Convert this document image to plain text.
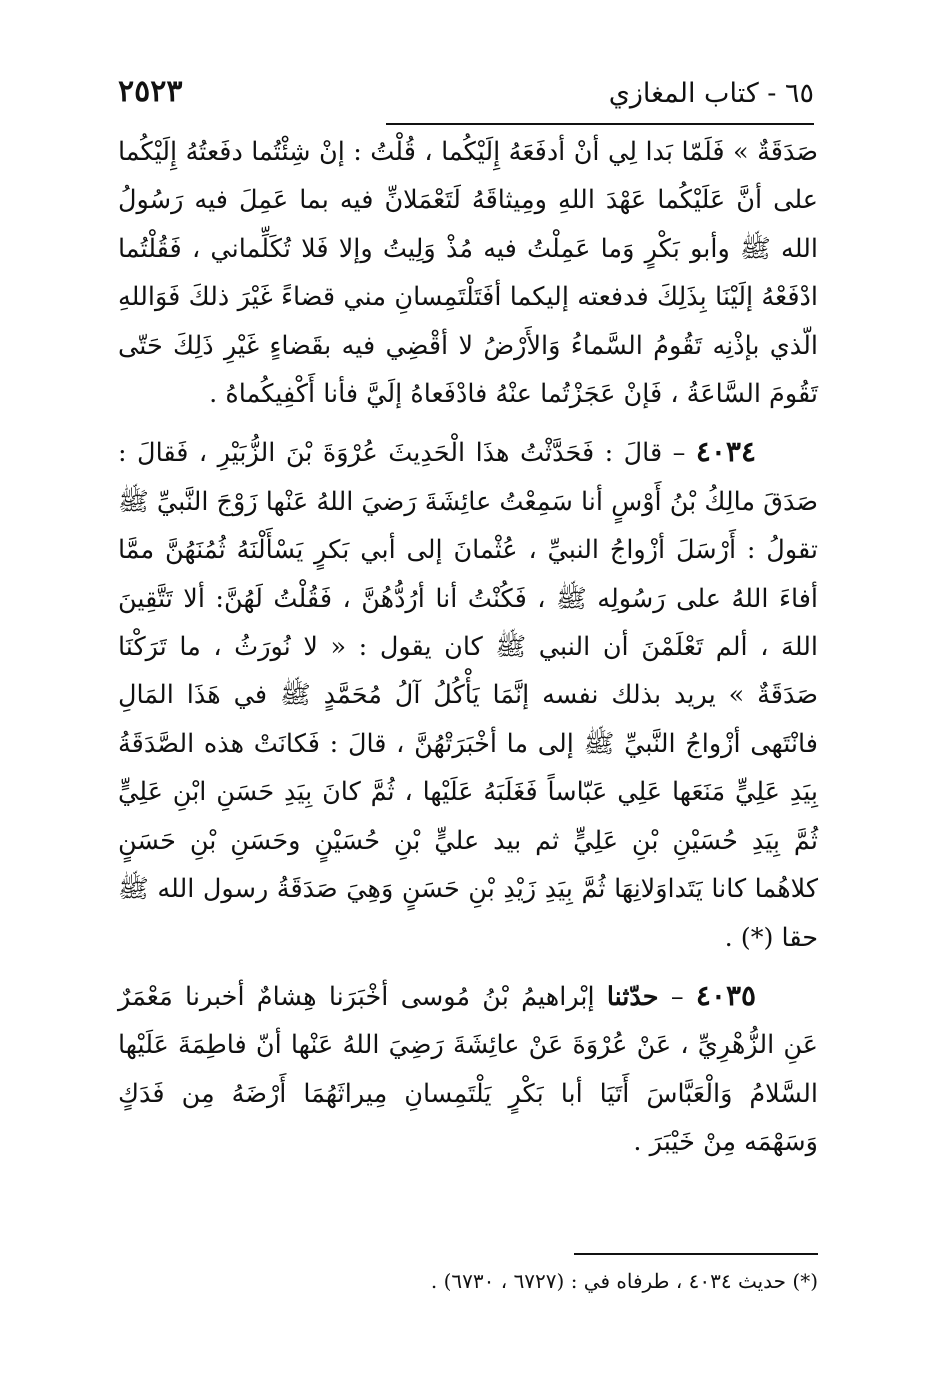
٢٥٢٣	٦٥ - كتاب المغازي

صَدَقَةٌ » فَلَمّا بَدا لِي أنْ أدفَعَهُ إِلَيْكُما ، قُلْتُ : إنْ شِئْتُما دفَعتُهُ إِلَيْكُما على أنَّ عَلَيْكُما عَهْدَ اللهِ ومِيثاقَهُ لَتَعْمَلانِّ فيه بما عَمِلَ فيه رَسُولُ الله ﷺ وأبو بَكْرٍ وَما عَمِلْتُ فيه مُذْ وَلِيتُ وإلا فَلا تُكَلِّماني ، فَقُلْتُما ادْفَعْهُ إلَيْنَا بِذَلِكَ فدفعته إليكما أفَتَلْتَمِسانِ مني قضاءً غَيْرَ ذلكَ فَوَاللهِ الّذي بإذْنِه تَقُومُ السَّماءُ وَالأَرْضُ لا أقْضِي فيه بقَضاءٍ غَيْرِ ذَلِكَ حَتّى تَقُومَ السَّاعَةُ ، فَإنْ عَجَزْتُما عنْهُ فادْفَعاهُ إلَيَّ فأنا أَكْفِيكُماهُ .

٤٠٣٤ – قالَ : فَحَدَّثْتُ هذَا الْحَدِيثَ عُرْوَةَ بْنَ الزُّبَيْرِ ، فَقالَ : صَدَقَ مالِكُ بْنُ أَوْسٍ أنا سَمِعْتُ عائِشَةَ رَضيَ اللهُ عَنْها زَوْجَ النَّبيِّ ﷺ تقولُ : أَرْسَلَ أزْواجُ النبيِّ ، عُثْمانَ إلى أبي بَكرٍ يَسْأَلْنَهُ ثُمُنَهُنَّ ممَّا أفاءَ اللهُ على رَسُولِه ﷺ ، فَكُنْتُ أنا أرُدُّهُنَّ ، فَقُلْتُ لَهُنَّ: ألا تَتَّقِينَ اللهَ ، ألم تَعْلَمْنَ أن النبي ﷺ كان يقول : « لا نُورَثُ ، ما تَرَكْنَا صَدَقَةٌ » يريد بذلك نفسه إنَّمَا يَأْكُلُ آلُ مُحَمَّدٍ ﷺ في هَذَا المَالِ فانْتَهى أزْواجُ النَّبيِّ ﷺ إلى ما أخْبَرَتْهُنَّ ، قالَ : فَكانَتْ هذه الصَّدَقَةُ بِيَدِ عَلِيٍّ مَنَعَها عَلِي عَبّاساً فَغَلَبَهُ عَلَيْها ، ثُمَّ كانَ بِيَدِ حَسَنِ ابْنِ عَلِيٍّ ثُمَّ بِيَدِ حُسَيْنِ بْنِ عَلِيٍّ ثم بيد عليٍّ بْنِ حُسَيْنٍ وحَسَنِ بْنِ حَسَنٍ كلاهُما كانا يَتَداوَلانِهَا ثُمَّ بِيَدِ زَيْدِ بْنِ حَسَنٍ وَهِيَ صَدَقَةُ رسول الله ﷺ حقا (*) .

٤٠٣٥ – حدّثنا إبْراهيمُ بْنُ مُوسى أخْبَرَنا هِشامٌ أخبرنا مَعْمَرٌ عَنِ الزُّهْرِيِّ ، عَنْ عُرْوَةَ عَنْ عائِشَةَ رَضِيَ اللهُ عَنْها أنّ فاطِمَةَ عَلَيْها السَّلامُ وَالْعَبَّاسَ أَتَيَا أبا بَكْرٍ يَلْتَمِسانِ مِيراثَهُمَا أَرْضَهُ مِن فَدَكٍ وَسَهْمَه مِنْ خَيْبَرَ .

(*) حديث ٤٠٣٤ ، طرفاه في : (٦٧٢٧ ، ٦٧٣٠) .
